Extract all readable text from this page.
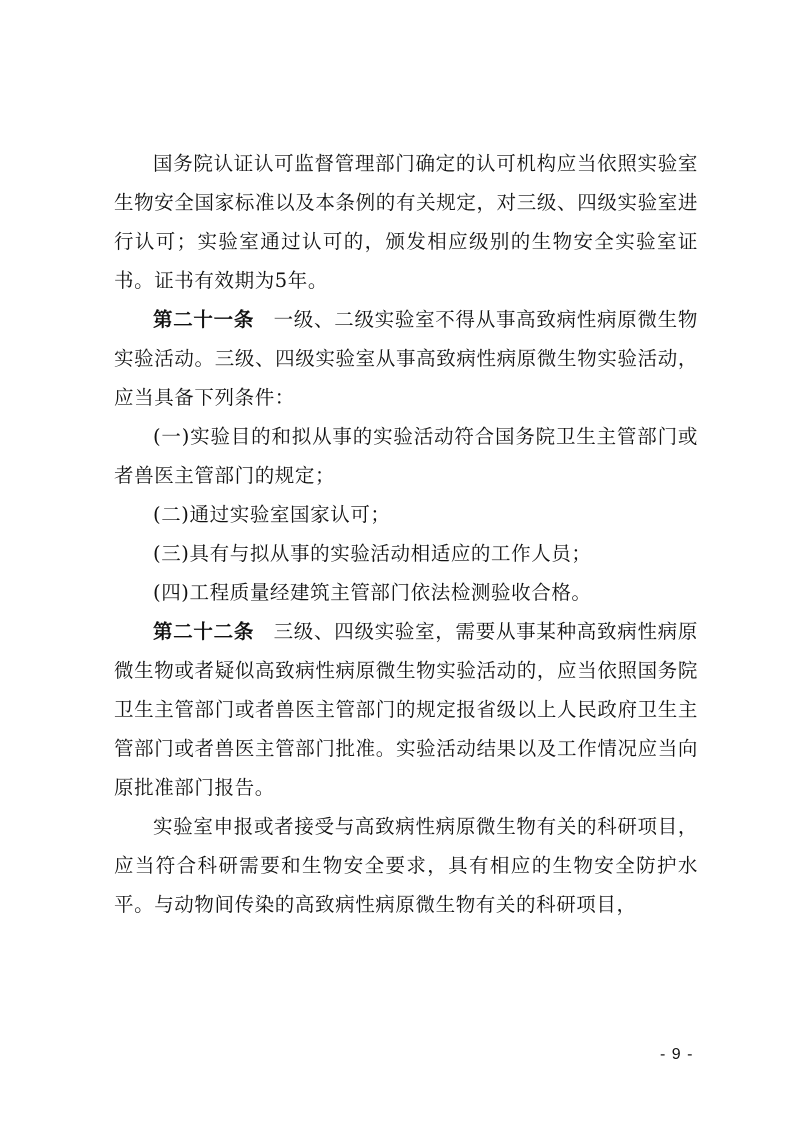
国务院认证认可监督管理部门确定的认可机构应当依照实验室生物安全国家标准以及本条例的有关规定，对三级、四级实验室进行认可；实验室通过认可的，颁发相应级别的生物安全实验室证书。证书有效期为5年。

第二十一条 一级、二级实验室不得从事高致病性病原微生物实验活动。三级、四级实验室从事高致病性病原微生物实验活动，应当具备下列条件：

(一)实验目的和拟从事的实验活动符合国务院卫生主管部门或者兽医主管部门的规定；

(二)通过实验室国家认可；

(三)具有与拟从事的实验活动相适应的工作人员；

(四)工程质量经建筑主管部门依法检测验收合格。

第二十二条 三级、四级实验室，需要从事某种高致病性病原微生物或者疑似高致病性病原微生物实验活动的，应当依照国务院卫生主管部门或者兽医主管部门的规定报省级以上人民政府卫生主管部门或者兽医主管部门批准。实验活动结果以及工作情况应当向原批准部门报告。

实验室申报或者接受与高致病性病原微生物有关的科研项目，应当符合科研需要和生物安全要求，具有相应的生物安全防护水平。与动物间传染的高致病性病原微生物有关的科研项目，

- 9 -
